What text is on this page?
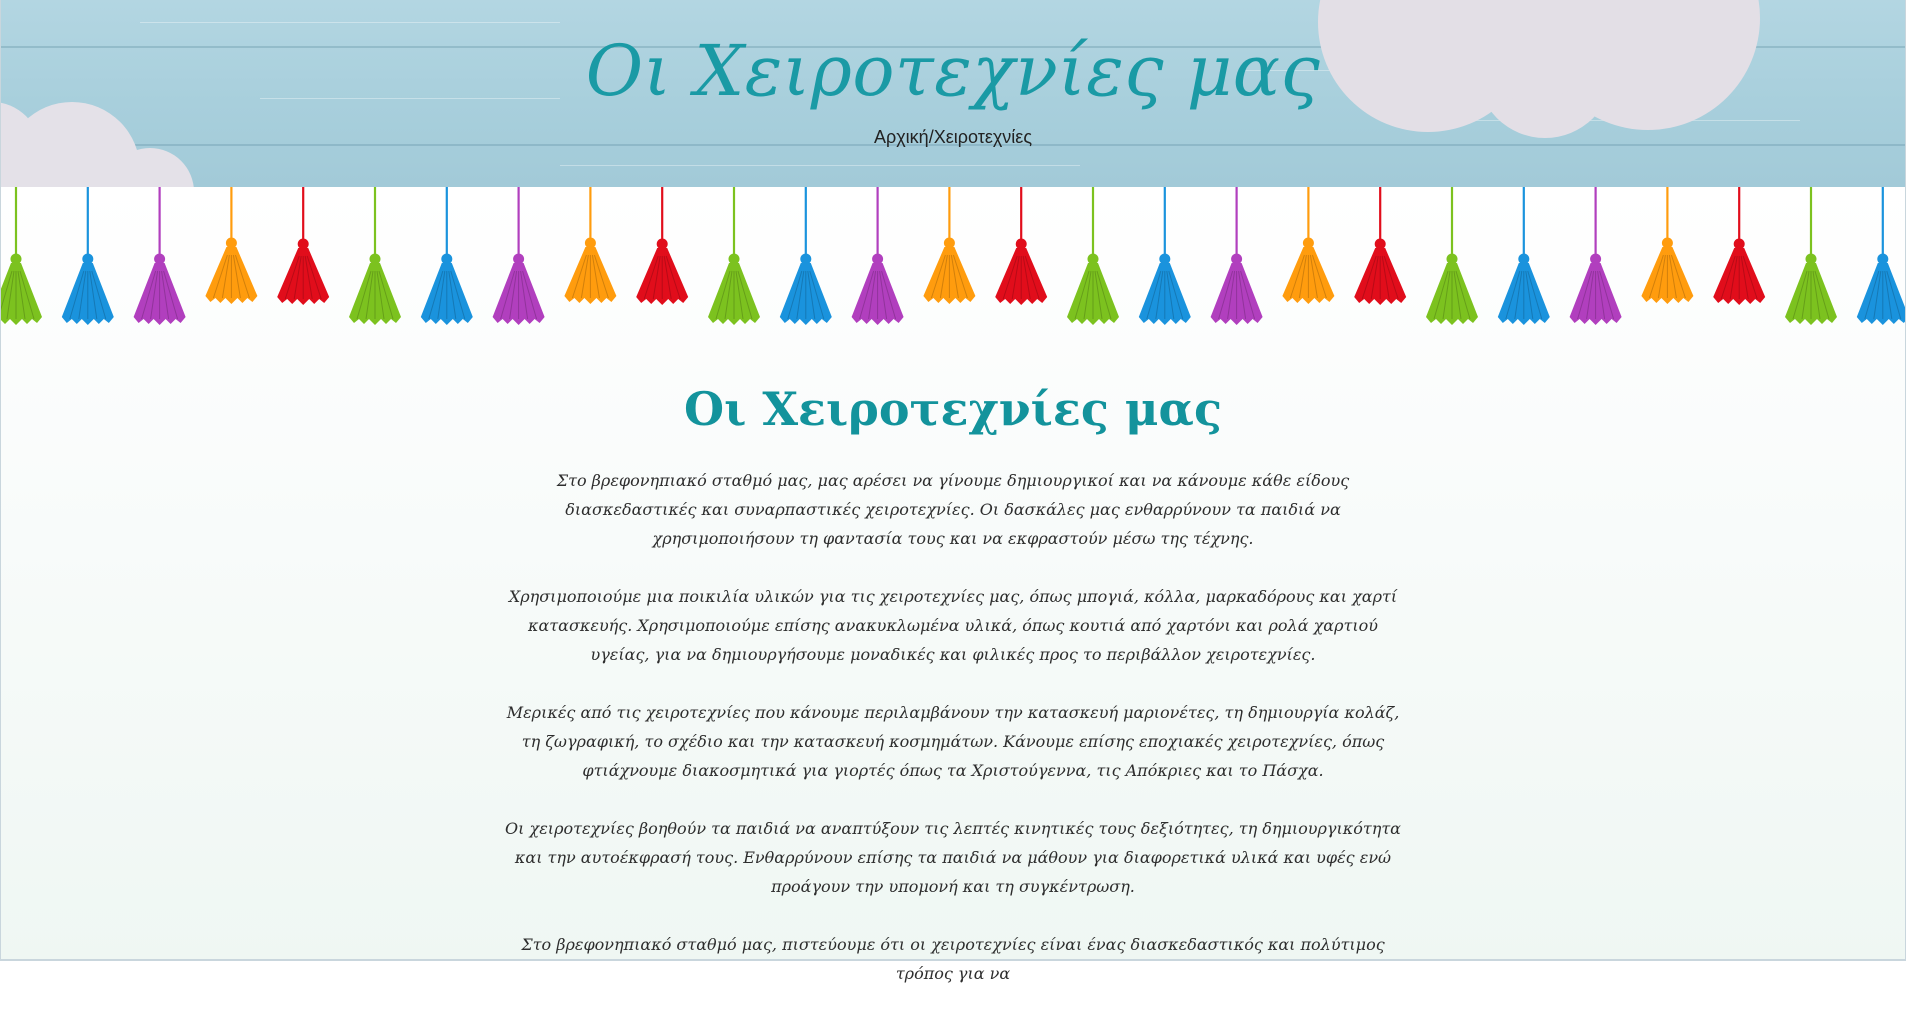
Οι Χειροτεχνίες μας
Αρχική/Χειροτεχνίες
Οι Χειροτεχνίες μας

Στο βρεφονηπιακό σταθμό μας, μας αρέσει να γίνουμε δημιουργικοί και να κάνουμε κάθε είδους διασκεδαστικές και συναρπαστικές χειροτεχνίες. Οι δασκάλες μας ενθαρρύνουν τα παιδιά να χρησιμοποιήσουν τη φαντασία τους και να εκφραστούν μέσω της τέχνης.

Χρησιμοποιούμε μια ποικιλία υλικών για τις χειροτεχνίες μας, όπως μπογιά, κόλλα, μαρκαδόρους και χαρτί κατασκευής. Χρησιμοποιούμε επίσης ανακυκλωμένα υλικά, όπως κουτιά από χαρτόνι και ρολά χαρτιού υγείας, για να δημιουργήσουμε μοναδικές και φιλικές προς το περιβάλλον χειροτεχνίες.

Μερικές από τις χειροτεχνίες που κάνουμε περιλαμβάνουν την κατασκευή μαριονέτες, τη δημιουργία κολάζ, τη ζωγραφική, το σχέδιο και την κατασκευή κοσμημάτων. Κάνουμε επίσης εποχιακές χειροτεχνίες, όπως φτιάχνουμε διακοσμητικά για γιορτές όπως τα Χριστούγεννα, τις Απόκριες και το Πάσχα.

Οι χειροτεχνίες βοηθούν τα παιδιά να αναπτύξουν τις λεπτές κινητικές τους δεξιότητες, τη δημιουργικότητα και την αυτοέκφρασή τους. Ενθαρρύνουν επίσης τα παιδιά να μάθουν για διαφορετικά υλικά και υφές ενώ προάγουν την υπομονή και τη συγκέντρωση.

Στο βρεφονηπιακό σταθμό μας, πιστεύουμε ότι οι χειροτεχνίες είναι ένας διασκεδαστικός και πολύτιμος τρόπος για να
